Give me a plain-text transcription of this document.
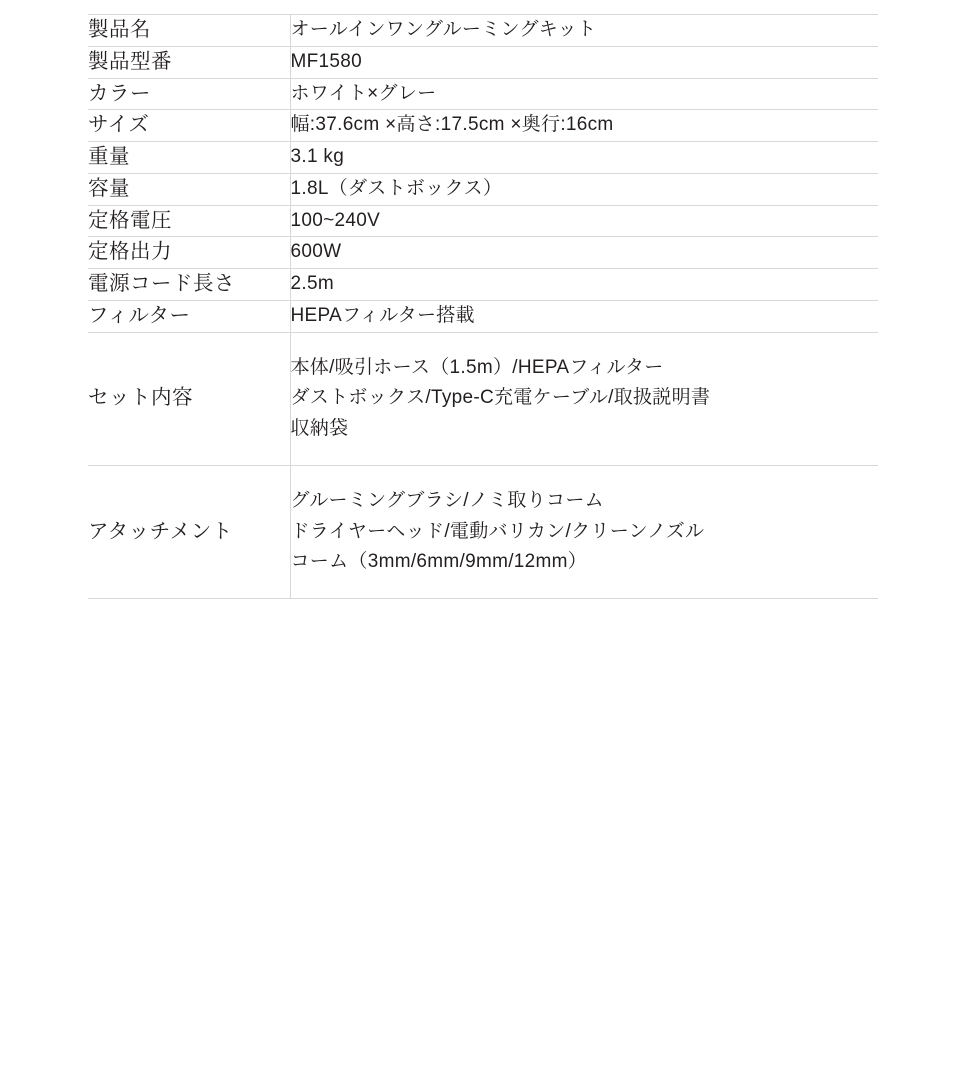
製品名	オールインワングルーミングキット
製品型番	MF1580
カラー	ホワイト×グレー
サイズ	幅:37.6cm ×高さ:17.5cm ×奥行:16cm
重量	3.1 kg
容量	1.8L（ダストボックス）
定格電圧	100~240V
定格出力	600W
電源コード長さ	2.5m
フィルター	HEPAフィルター搭載
セット内容	本体/吸引ホース（1.5m）/HEPAフィルター
ダストボックス/Type-C充電ケーブル/取扱説明書
収納袋

アタッチメント	グルーミングブラシ/ノミ取りコーム
ドライヤーヘッド/電動バリカン/クリーンノズル
コーム（3mm/6mm/9mm/12mm）
